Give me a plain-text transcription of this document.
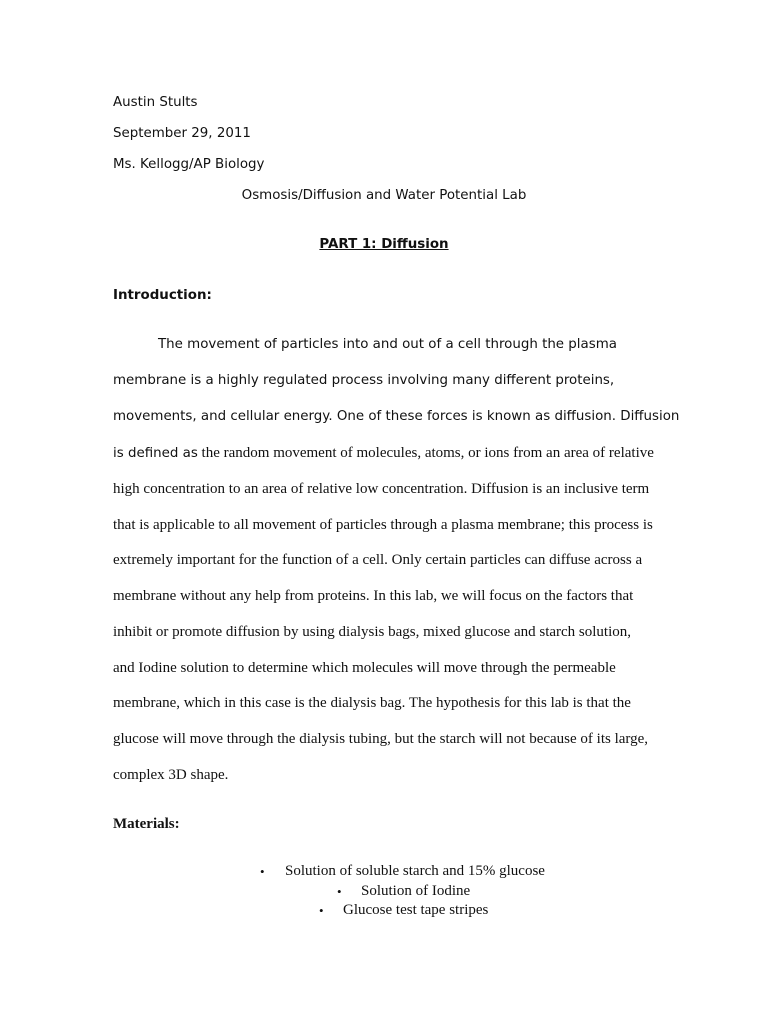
Austin Stults
September 29, 2011
Ms. Kellogg/AP Biology
Osmosis/Diffusion and Water Potential Lab
PART 1: Diffusion
Introduction:
The movement of particles into and out of a cell through the plasma
membrane is a highly regulated process involving many different proteins,
movements, and cellular energy. One of these forces is known as diffusion. Diffusion
is defined as the random movement of molecules, atoms, or ions from an area of relative
high concentration to an area of relative low concentration. Diffusion is an inclusive term
that is applicable to all movement of particles through a plasma membrane; this process is
extremely important for the function of a cell. Only certain particles can diffuse across a
membrane without any help from proteins. In this lab, we will focus on the factors that
inhibit or promote diffusion by using dialysis bags, mixed glucose and starch solution,
and Iodine solution to determine which molecules will move through the permeable
membrane, which in this case is the dialysis bag. The hypothesis for this lab is that the
glucose will move through the dialysis tubing, but the starch will not because of its large,
complex 3D shape.
Materials:
• Solution of soluble starch and 15% glucose
• Solution of Iodine
• Glucose test tape stripes
